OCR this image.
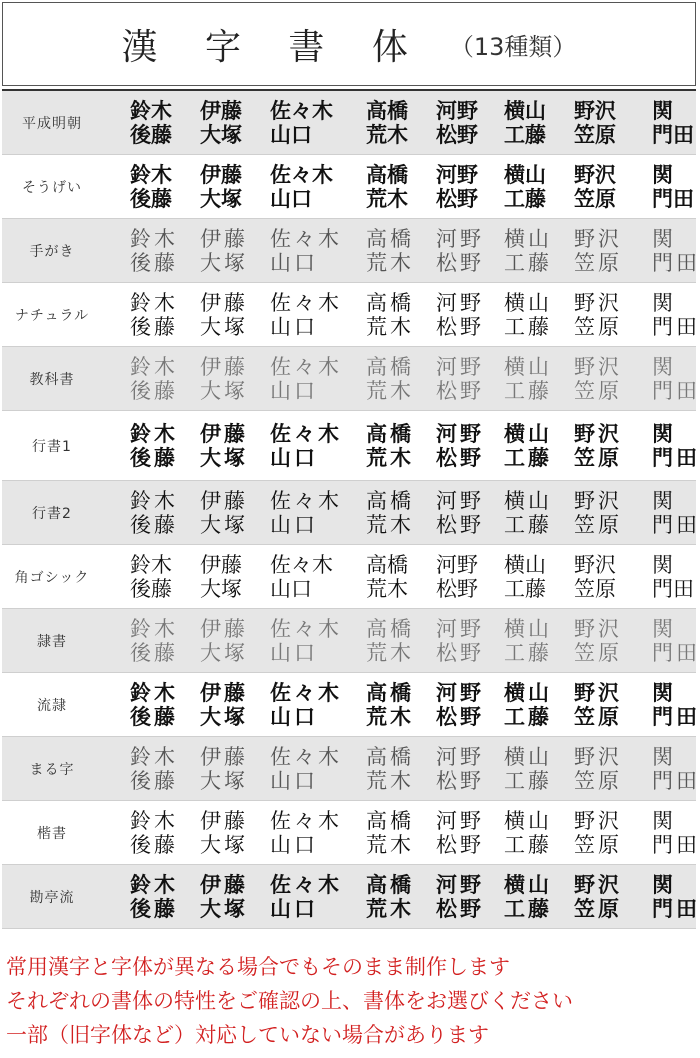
漢 字 書 体 （13種類）
平成明朝
鈴木	伊藤	佐々木	高橋	河野	横山	野沢	関
後藤	大塚	山口	荒木	松野	工藤	笠原	門田
そうげい
鈴木	伊藤	佐々木	高橋	河野	横山	野沢	関
後藤	大塚	山口	荒木	松野	工藤	笠原	門田
手がき
鈴木	伊藤	佐々木	高橋	河野 横山	野沢	関
後藤	大塚	山口	荒木	松野 工藤	笠原	門田
ナチュラル
鈴木	伊藤	佐々木	高橋	河野 横山	野沢	関
後藤	大塚	山口	荒木	松野 工藤	笠原	門田
教科書
鈴木	伊藤	佐々木	高橋	河野 横山	野沢	関
後藤	大塚	山口	荒木	松野 工藤	笠原	門田
行書1
鈴木	伊藤	佐々木	高橋	河野 横山	野沢	関
後藤	大塚	山口	荒木	松野 工藤	笠原	門田
行書2
鈴木	伊藤	佐々木	高橋	河野 横山	野沢	関
後藤	大塚	山口	荒木	松野 工藤	笠原	門田
角ゴシック
鈴木	伊藤	佐々木	高橋	河野	横山	野沢	関
後藤	大塚	山口	荒木	松野	工藤	笠原	門田
隷書
鈴木	伊藤	佐々木	高橋	河野 横山	野沢	関
後藤	大塚	山口	荒木	松野 工藤	笠原	門田
流隷
鈴木	伊藤	佐々木	高橋	河野 横山	野沢	関
後藤	大塚	山口	荒木	松野 工藤	笠原	門田
まる字
鈴木	伊藤	佐々木	高橋	河野 横山	野沢	関
後藤	大塚	山口	荒木	松野 工藤	笠原	門田
楷書
鈴木	伊藤	佐々木	高橋	河野 横山	野沢	関
後藤	大塚	山口	荒木	松野 工藤	笠原	門田
勘亭流
鈴木	伊藤	佐々木	高橋	河野 横山	野沢	関
後藤	大塚	山口	荒木	松野 工藤	笠原	門田
常用漢字と字体が異なる場合でもそのまま制作します
それぞれの書体の特性をご確認の上、書体をお選びください
一部（旧字体など）対応していない場合があります
